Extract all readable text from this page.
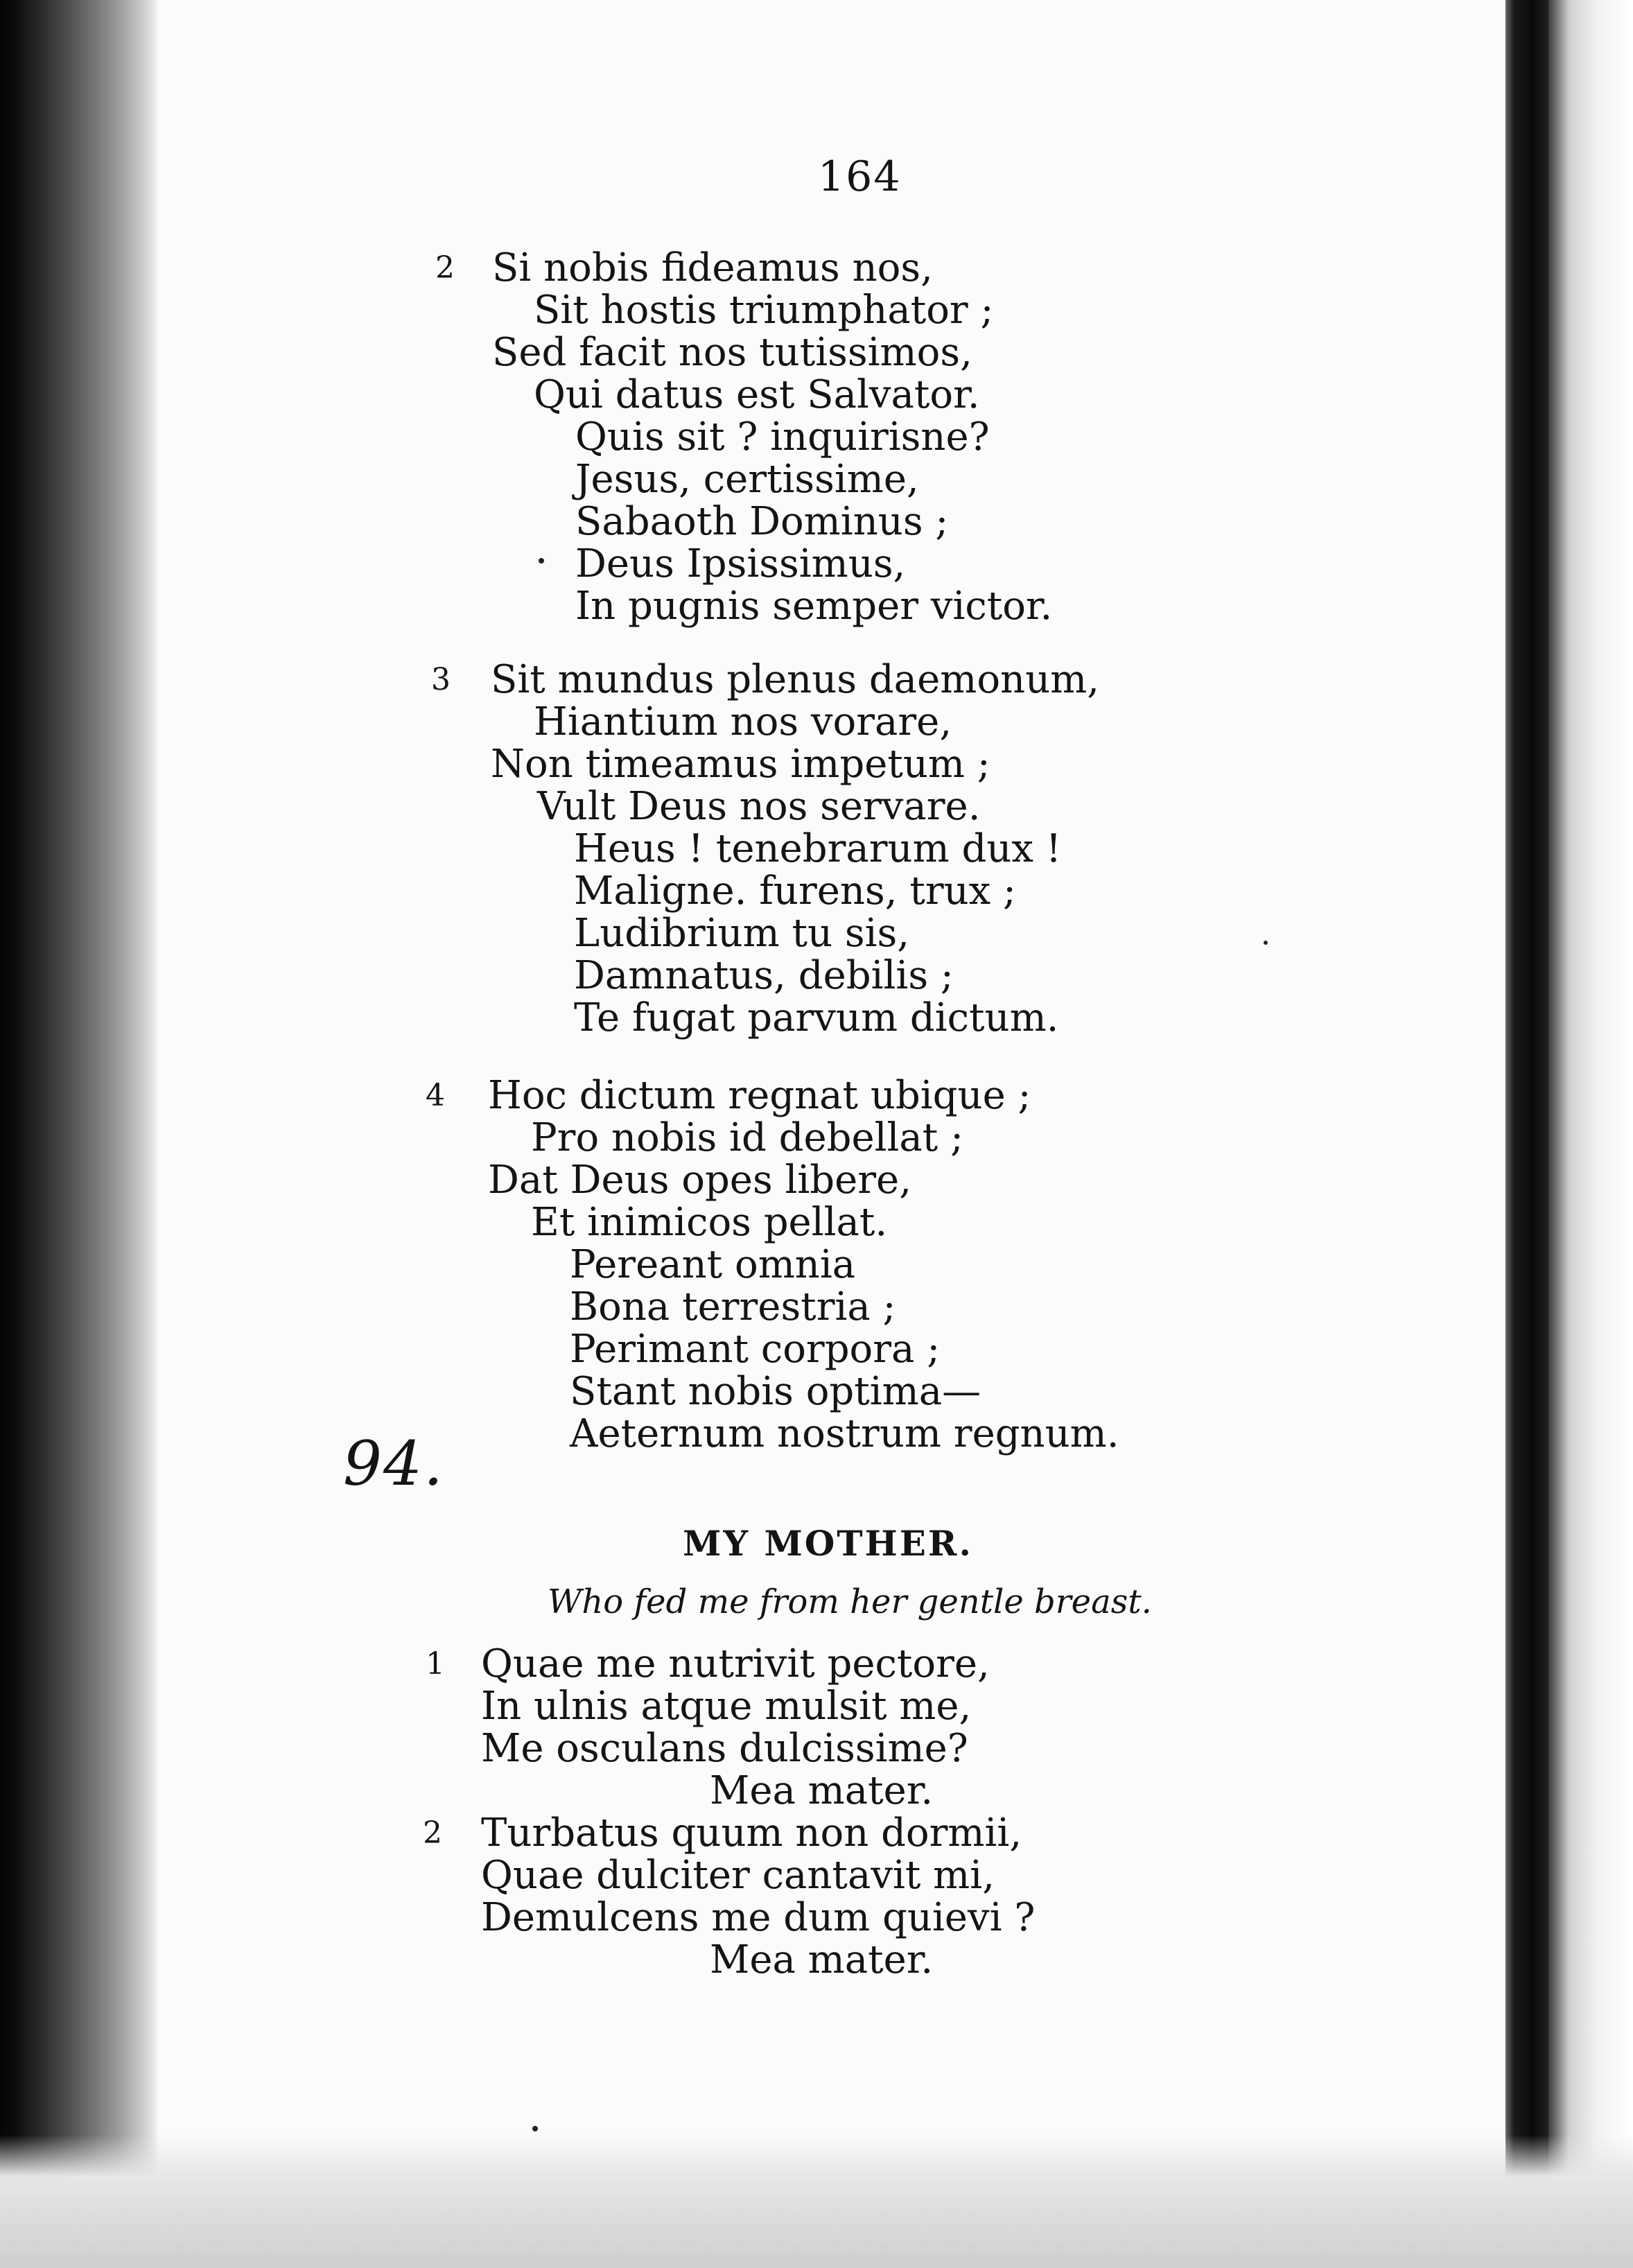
164
2 Si nobis fideamus nos,
Sit hostis triumphator ;
Sed facit nos tutissimos,
Qui datus est Salvator.
Quis sit ? inquirisne?
Jesus, certissime,
Sabaoth Dominus ;
Deus Ipsissimus,
In pugnis semper victor.
3 Sit mundus plenus daemonum,
Hiantium nos vorare,
Non timeamus impetum ;
Vult Deus nos servare.
Heus ! tenebrarum dux !
Maligne. furens, trux ;
Ludibrium tu sis,
Damnatus, debilis ;
Te fugat parvum dictum.
4 Hoc dictum regnat ubique ;
Pro nobis id debellat ;
Dat Deus opes libere,
Et inimicos pellat.
Pereant omnia
Bona terrestria ;
Perimant corpora ;
Stant nobis optima—
Aeternum nostrum regnum.
94.
MY MOTHER.
Who fed me from her gentle breast.
1 Quae me nutrivit pectore,
In ulnis atque mulsit me,
Me osculans dulcissime?
Mea mater.
2 Turbatus quum non dormii,
Quae dulciter cantavit mi,
Demulcens me dum quievi ?
Mea mater.
